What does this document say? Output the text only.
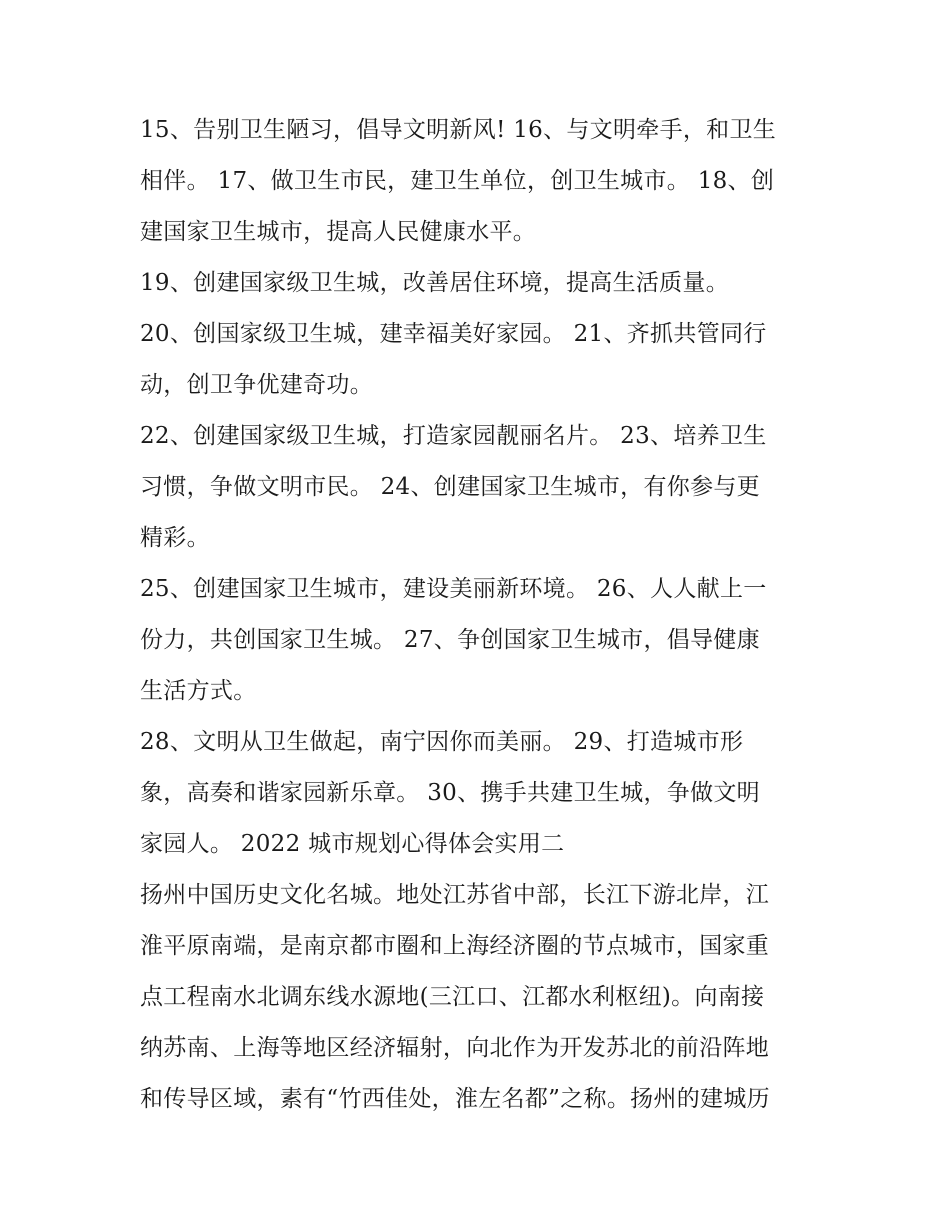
15、告别卫生陋习，倡导文明新风! 16、与文明牵手，和卫生
相伴。 17、做卫生市民，建卫生单位，创卫生城市。 18、创
建国家卫生城市，提高人民健康水平。
19、创建国家级卫生城，改善居住环境，提高生活质量。
20、创国家级卫生城，建幸福美好家园。 21、齐抓共管同行
动，创卫争优建奇功。
22、创建国家级卫生城，打造家园靓丽名片。 23、培养卫生
习惯，争做文明市民。 24、创建国家卫生城市，有你参与更
精彩。
25、创建国家卫生城市，建设美丽新环境。 26、人人献上一
份力，共创国家卫生城。 27、争创国家卫生城市，倡导健康
生活方式。
28、文明从卫生做起，南宁因你而美丽。 29、打造城市形
象，高奏和谐家园新乐章。 30、携手共建卫生城，争做文明
家园人。 2022 城市规划心得体会实用二
扬州中国历史文化名城。地处江苏省中部，长江下游北岸，江
淮平原南端，是南京都市圈和上海经济圈的节点城市，国家重
点工程南水北调东线水源地(三江口、江都水利枢纽)。向南接
纳苏南、上海等地区经济辐射，向北作为开发苏北的前沿阵地
和传导区域，素有“竹西佳处，淮左名都”之称。扬州的建城历
